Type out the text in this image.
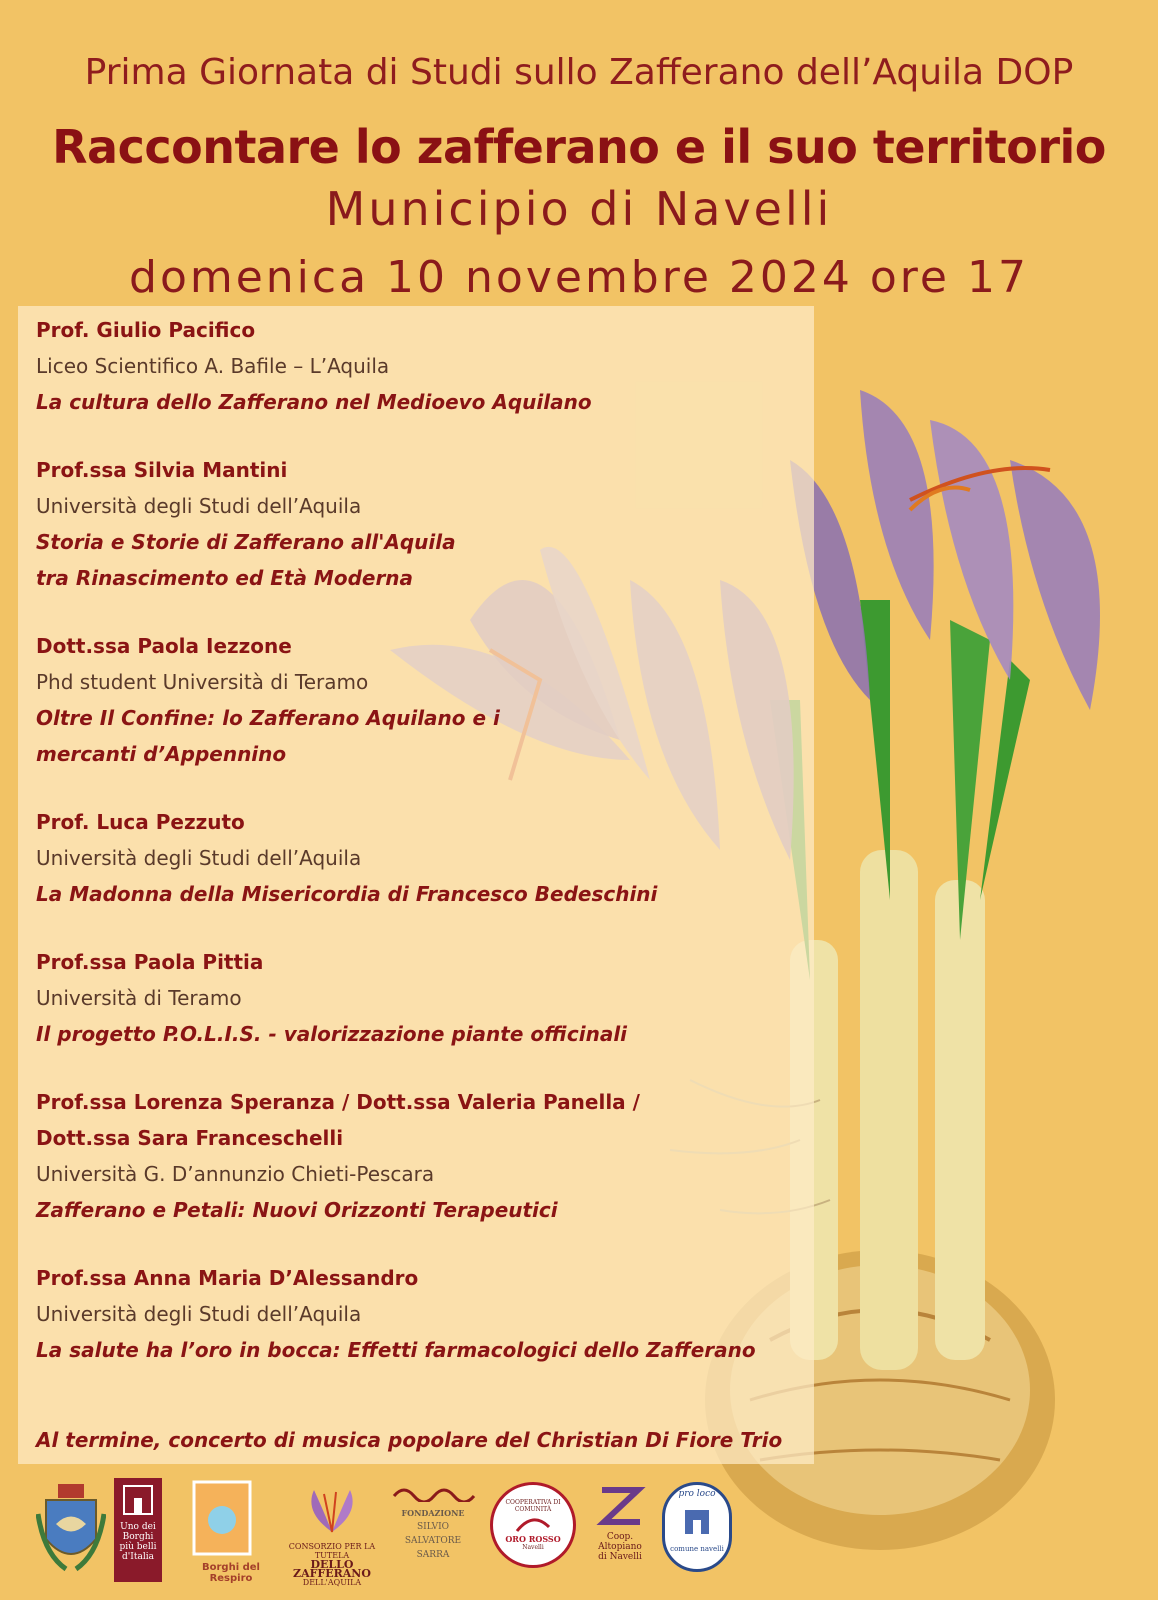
Prima Giornata di Studi sullo Zafferano dell’Aquila DOP
Raccontare lo zafferano e il suo territorio
Municipio di Navelli
domenica 10 novembre 2024 ore 17
Prof. Giulio Pacifico
Liceo Scientifico A. Bafile – L’Aquila
La cultura dello Zafferano nel Medioevo Aquilano
Prof.ssa Silvia Mantini
Università degli Studi dell’Aquila
Storia e Storie di Zafferano all'Aquila
tra Rinascimento ed Età Moderna
Dott.ssa Paola Iezzone
Phd student Università di Teramo
Oltre Il Confine: lo Zafferano Aquilano e i
mercanti d’Appennino
Prof. Luca Pezzuto
Università degli Studi dell’Aquila
La Madonna della Misericordia di Francesco Bedeschini
Prof.ssa Paola Pittia
Università di Teramo
Il progetto P.O.L.I.S. - valorizzazione piante officinali
Prof.ssa Lorenza Speranza / Dott.ssa Valeria Panella /
Dott.ssa Sara Franceschelli
Università G. D’annunzio Chieti-Pescara
Zafferano e Petali: Nuovi Orizzonti Terapeutici
Prof.ssa Anna Maria D’Alessandro
Università degli Studi dell’Aquila
La salute ha l’oro in bocca: Effetti farmacologici dello Zafferano
Al termine, concerto di musica popolare del Christian Di Fiore Trio
Uno dei
Borghi
più belli
d'Italia
Borghi del Respiro
CONSORZIO PER LA TUTELA
DELLO ZAFFERANO
DELL'AQUILA
FONDAZIONE
SILVIO
SALVATORE
SARRA
COOPERATIVA DI COMUNITÀ
ORO ROSSO
Navelli
Coop.
Altopiano
di Navelli
pro loco
comune navelli
